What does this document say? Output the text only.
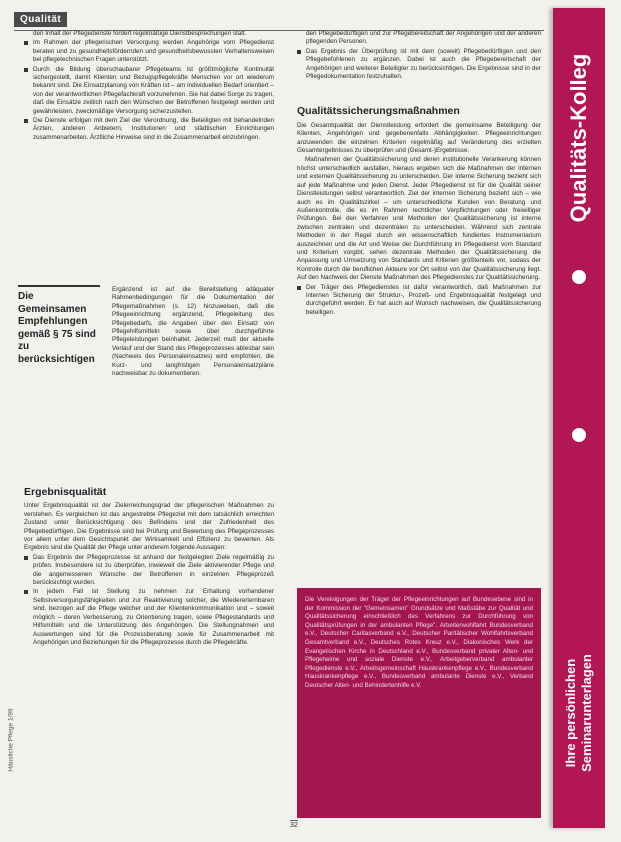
Qualität

den Inhalt der Pflegedienste fordert regelmäßige Dienstbesprechungen statt.

Im Rahmen der pflegerischen Versorgung werden Angehörige vom Pflegedienst beraten und zu gesundheitsfördernden und gesundheitsbewussten Verhaltensweisen bei pflegetechnischen Fragen unterstützt.

Durch die Bildung überschaubarer Pflegeteams ist größtmögliche Kontinuität sichergestellt, damit Klienten und Bezugspflegekräfte Menschen vor ort wiederum bekannt sind. Die Einsatzplanung von Kräften ist – am individuellen Bedarf orientiert – von der verantwortlichen Pflegefachkraft vorzunehmen. Sie hat dabei Sorge zu tragen, daß die Einsätze zeitlich nach den Wünschen der Betroffenen festgelegt werden und gewährleisten, zweckmäßige Versorgung sicherzustellen.

Die Dienste erfolgen mit dem Ziel der Verordnung, die Beteiligten mit behandelnden Ärzten, anderen Anbietern, Institutionen und städtischen Einrichtungen zusammenarbeiten. Ärztliche Hinweise sind in die Zusammenarbeit einzubringen.

Die Gemeinsamen Empfehlungen gemäß § 75 sind zu berücksichtigen

Ergänzend ist auf die Bereitstellung adäquater Rahmenbedingungen für die Dokumentation der Pflegemaßnahmen (s. 12) hinzuweisen, daß die Pflegeeinrichtung ergänzend, Pflegeleitung des Pflegebedarfs, die Angaben über den Einsatz von Pflegehilfsmitteln sowie über durchgeführte Pflegeleistungen beinhaltet. Jederzeit muß der aktuelle Verlauf und der Stand des Pflegeprozesses ablesbar sein (Nachweis des Personaleinsatzes) wird empfohlen, die Kurz- und langfristigen Personaleinsatzpläne nachweisbar zu dokumentieren.

Ergebnisqualität

Unter Ergebnisqualität ist der Zielerreichungsgrad der pflegerischen Maßnahmen zu verstehen. Es vergleichen ist das angestrebte Pflegeziel mit dem tatsächlich erreichten Zustand unter Berücksichtigung des Befindens und der Zufriedenheit des Pflegebedürftigen. Die Ergebnisse sind bei Prüfung und Bewertung des Pflegeprozesses vor allem unter dem Gesichtspunkt der Wirksamkeit und Effizienz zu bewerten. Als Ergebnis sind die Qualität der Pflege unter anderem folgende Aussagen:

Das Ergebnis der Pflegeprozesse ist anhand der festgelegten Ziele regelmäßig zu prüfen. Insbesondere ist zu überprüfen, inwieweit die Ziele aktivierender Pflege und die angemessenen Wünsche der Betroffenen in einzelnen Pflegeprozeß berücksichtigt wurden.

In jedem Fall ist Stellung zu nehmen zur Erhaltung vorhandener Selbstversorgungsfähigkeiten und zur Reaktivierung solcher, die Wiedererlernbaren sind, bezogen auf die Pflege welcher und der Klientenkommunikation und – soweit möglich – deren Verbesserung, zu Orientierung tragen, sowie Pflegestandards und Hilfsmitteln und die Unterstützung des Angehörigen. Die Stellungnahmen und Auswertungen sind für die Prozessberatung sowie für Zusammenarbeit mit Angehörigen und Beziehungen für die Pflegeprozesse durch die Pflegekräfte.

den Pflegebedürftigen und zur Pflegebereitschaft der Angehörigen und der anderen pflegenden Personen.

Das Ergebnis der Überprüfung ist mit dem (soweit) Pflegebedürftigen und den Pflegebefohlenen zu ergänzen. Dabei ist auch die Pflegebereitschaft der Angehörigen und weiterer Beteiligter zu berücksichtigen. Die Ergebnisse sind in der Pflegedokumentation festzuhalten.

Qualitätssicherungsmaßnahmen

Die Gesamtqualität der Dienstleistung erfordert die gemeinsame Beteiligung der Klienten, Angehörigen und gegebenenfalls Abhängigkeiten. Pflegeeinrichtungen anzuwenden die einzelnen Kriterien regelmäßig auf Veränderung des erzielten Gesamtergebnisses zu überprüfen und (Gesamt-)Ergebnisse.

Maßnahmen der Qualitätssicherung und deren institutionelle Verankerung können höchst unterschiedlich ausfallen, hieraus ergeben sich die Maßnahmen der internen und externen Qualitätssicherung zu unterscheiden. Der interne Sicherung bezieht sich auf jede Maßnahme und jeden Dienst. Jeder Pflegedienst ist für die Qualität seiner Dienstleistungen selbst verantwortlich. Ziel der internen Sicherung bezieht sich – wie auch es im Qualitätszirkel – um unterschiedliche Kunden von Beratung und Außenkontrolle, die es im Rahmen rechtlicher Verpflichtungen oder freiwilliger Prüfungen. Bei den Verfahren und Methoden der Qualitätssicherung ist interne zwischen zentralen und dezentralen zu unterscheiden. Während sich zentrale Methoden in der Regel durch ein wissenschaftlich fundiertes Instrumentarium auszeichnen und die Art und Weise der Durchführung im Pflegedienst vom Standard und Kriterium vorgibt, sehen dezentrale Methoden der Qualitätssicherung die Anpassung und Umsetzung von Standards und Kriterien größtenteils vor, sodass der Kontrolle durch die beruflichen Akteure vor Ort selbst von der Qualitätssicherung liegt. Auf den Nachweis der Dienste Maßnahmen des Pflegedienstes zur Qualitätssicherung.

Der Träger des Pflegedienstes ist dafür verantwortlich, daß Maßnahmen zur internen Sicherung der Struktur-, Prozeß- und Ergebnisqualität festgelegt und durchgeführt werden. Er hat auch auf Wunsch nachweisen, die Qualitätssicherung beteiligen.

Die Vereinigungen der Träger der Pflegeeinrichtungen auf Bundesebene sind in der Kommission der "Gemeinsamen" Grundsätze und Maßstäbe zur Qualität und Qualitätssicherung einschließlich des Verfahrens zur Durchführung von Qualitätsprüfungen in der ambulanten Pflege". Arbeiterwohlfahrt Bundesverband e.V., Deutscher Caritasverband e.V., Deutscher Paritätischer Wohlfahrtsverband Gesamtverband e.V., Deutsches Rotes Kreuz e.V., Diakonisches Werk der Evangelischen Kirche in Deutschland e.V., Bundesverband privater Alten- und Pflegeheime und soziale Dienste e.V., Arbeitgeberverband ambulanter Pflegedienste e.V., Arbeitsgemeinschaft Hauskrankenpflege e.V., Bundesverband Hauskrankenpflege e.V., Bundesverband ambulante Dienste e.V., Verband Deutscher Alten- und Behindertenhilfe e.V.
Qualitäts-Kolleg
Ihre persönlichen
Seminarunterlagen
Häusliche Pflege 1/99
32
